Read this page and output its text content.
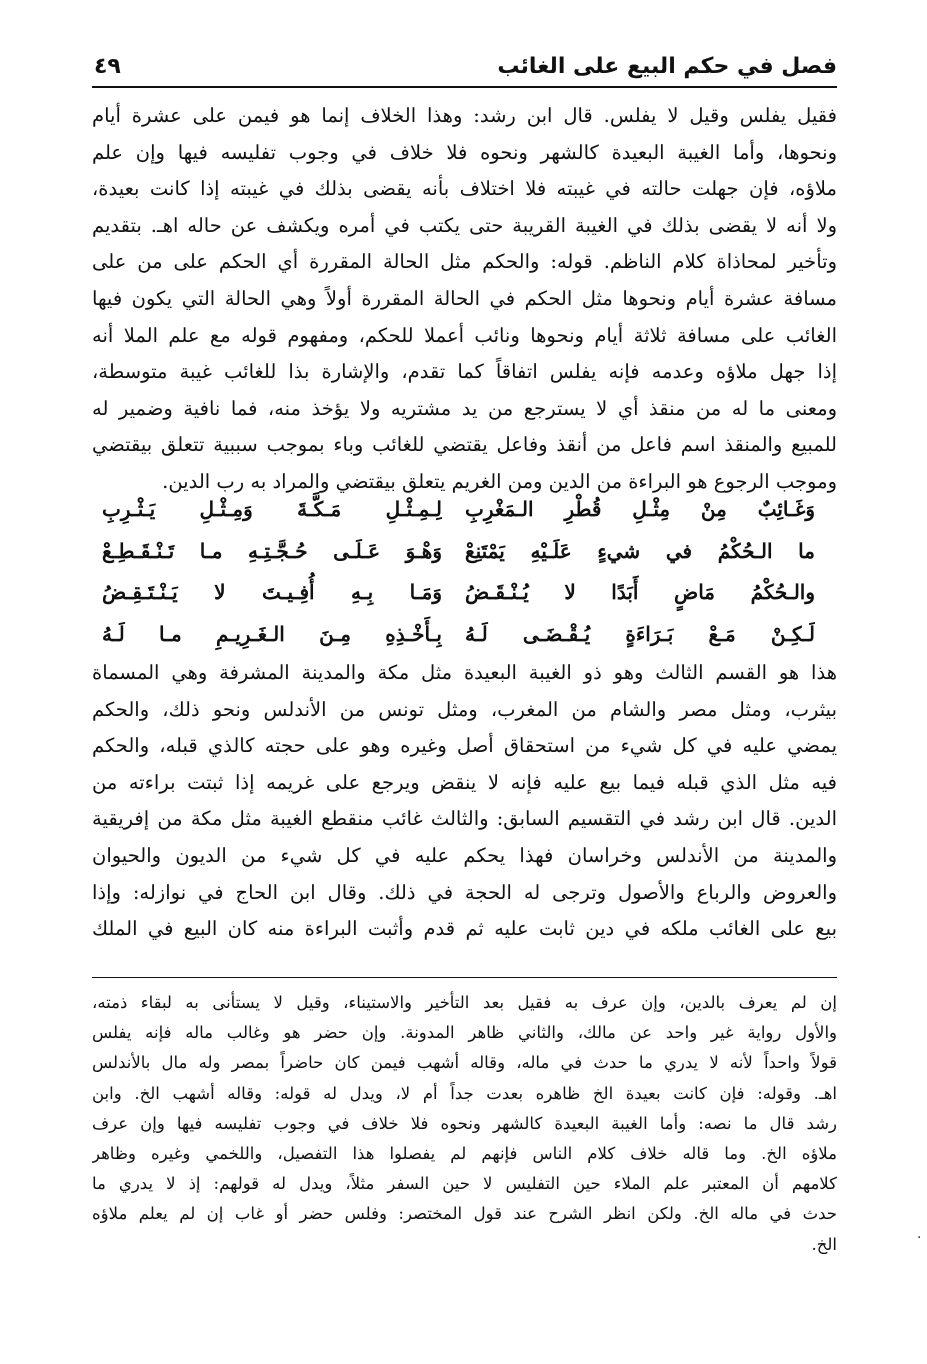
فصل في حكم البيع على الغائب
٤٩
فقيل يفلس وقيل لا يفلس. قال ابن رشد: وهذا الخلاف إنما هو فيمن على عشرة أيام
ونحوها، وأما الغيبة البعيدة كالشهر ونحوه فلا خلاف في وجوب تفليسه فيها وإن علم
ملاؤه، فإن جهلت حالته في غيبته فلا اختلاف بأنه يقضى بذلك في غيبته إذا كانت بعيدة،
ولا أنه لا يقضى بذلك في الغيبة القريبة حتى يكتب في أمره ويكشف عن حاله اهـ. بتقديم
وتأخير لمحاذاة كلام الناظم. قوله: والحكم مثل الحالة المقررة أي الحكم على من على
مسافة عشرة أيام ونحوها مثل الحكم في الحالة المقررة أولاً وهي الحالة التي يكون فيها
الغائب على مسافة ثلاثة أيام ونحوها ونائب أعملا للحكم، ومفهوم قوله مع علم الملا أنه
إذا جهل ملاؤه وعدمه فإنه يفلس اتفاقاً كما تقدم، والإشارة بذا للغائب غيبة متوسطة،
ومعنى ما له من منقذ أي لا يسترجع من يد مشتريه ولا يؤخذ منه، فما نافية وضمير له
للمبيع والمنقذ اسم فاعل من أنقذ وفاعل يقتضي للغائب وباء بموجب سببية تتعلق بيقتضي
وموجب الرجوع هو البراءة من الدين ومن الغريم يتعلق بيقتضي والمراد به رب الدين.
وَغَـائِبٌ مِنْ مِثْـلِ قُطْرِ الـمَغْرِبِ
لِـمِـثْـلِ مَـكَّـةَ وَمِـثْـلِ يَـثْـرِبِ
ما الـحُكْمُ في شيءٍ عَلَـيْهِ يَمْتَنِعْ
وَهْـوَ عَـلَـى حُـجَّـتِـهِ مـا تَـنْـقَـطِـعْ
والـحُكْمُ مَاضٍ أَبَدًا لا يُـنْـقَـضُ
وَمَـا بِـهِ أُفِـيـتَ لا يَـنْـتَـقِـضُ
لَـكِـنْ مَـعْ بَـرَاءَةٍ يُـقْـضَـى لَـهُ
بِـأَخْـذِهِ مِـنَ الـغَـرِيـمِ مـا لَـهُ
هذا هو القسم الثالث وهو ذو الغيبة البعيدة مثل مكة والمدينة المشرفة وهي المسماة
بيثرب، ومثل مصر والشام من المغرب، ومثل تونس من الأندلس ونحو ذلك، والحكم
يمضي عليه في كل شيء من استحقاق أصل وغيره وهو على حجته كالذي قبله، والحكم
فيه مثل الذي قبله فيما بيع عليه فإنه لا ينقض ويرجع على غريمه إذا ثبتت براءته من
الدين. قال ابن رشد في التقسيم السابق: والثالث غائب منقطع الغيبة مثل مكة من إفريقية
والمدينة من الأندلس وخراسان فهذا يحكم عليه في كل شيء من الديون والحيوان
والعروض والرباع والأصول وترجى له الحجة في ذلك. وقال ابن الحاج في نوازله: وإذا
بيع على الغائب ملكه في دين ثابت عليه ثم قدم وأثبت البراءة منه كان البيع في الملك
إن لم يعرف بالدين، وإن عرف به فقيل بعد التأخير والاستيناء، وقيل لا يستأنى به لبقاء ذمته،
والأول رواية غير واحد عن مالك، والثاني ظاهر المدونة. وإن حضر هو وغالب ماله فإنه يفلس
قولاً واحداً لأنه لا يدري ما حدث في ماله، وقاله أشهب فيمن كان حاضراً بمصر وله مال بالأندلس
اهـ. وقوله: فإن كانت بعيدة الخ ظاهره بعدت جداً أم لا، ويدل له قوله: وقاله أشهب الخ. وابن
رشد قال ما نصه: وأما الغيبة البعيدة كالشهر ونحوه فلا خلاف في وجوب تفليسه فيها وإن عرف
ملاؤه الخ. وما قاله خلاف كلام الناس فإنهم لم يفصلوا هذا التفصيل، واللخمي وغيره وظاهر
كلامهم أن المعتبر علم الملاء حين التفليس لا حين السفر مثلاً، ويدل له قولهم: إذ لا يدري ما
حدث في ماله الخ. ولكن انظر الشرح عند قول المختصر: وفلس حضر أو غاب إن لم يعلم ملاؤه
الخ.	·
